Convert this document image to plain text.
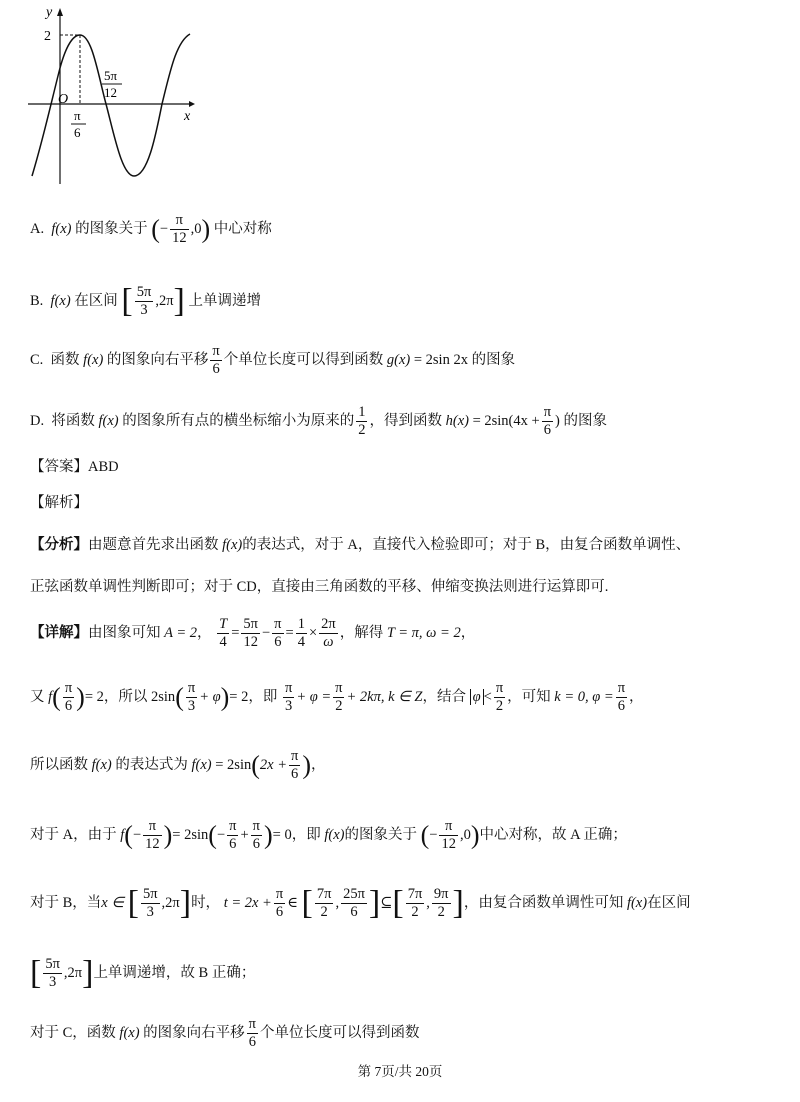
y
x
O
2
π
6
5π
12
A. f(x) 的图象关于 (− $\frac{\pi}{12} ,0$) 中心对称
B. f(x) 在区间 [ $\frac{5\pi}{3} ,2\pi$] 上单调递增
C. 函数 f(x) 的图象向右平移 $\frac{\pi}{6}$ 个单位长度可以得到函数 g(x) = 2sin 2x 的图象
D. 将函数 f(x) 的图象所有点的横坐标缩小为原来的 $\frac{1}{2}$ ，得到函数 $h(x) = 2\sin(4x + \frac{\pi}{6}$ ) 的图象
【答案】ABD
【解析】
【分析】由题意首先求出函数 f(x)的表达式，对于 A，直接代入检验即可；对于 B，由复合函数单调性、
正弦函数单调性判断即可；对于 CD，直接由三角函数的平移、伸缩变换法则进行运算即可.
【详解】由图象可知 A = 2， $\frac{T}{4} = \frac{5\pi}{12} - \frac{\pi}{6} = \frac{1}{4} \times \frac{2\pi}{\omega}$ ，解得 T = π, ω = 2，
又 $f( \frac{\pi}{6}$ )= 2，所以 $2\sin( \frac{\pi}{3} + \varphi)= 2$，即 $\frac{\pi}{3} + \varphi = \frac{\pi}{2} + 2k\pi$, k ∈ Z，结合 $\varphi < \frac{\pi}{2}$ ，可知 k = 0, $\varphi = \frac{\pi}{6}$ ，
所以函数 f(x) 的表达式为 $f(x) = 2\sin(2x + \frac{\pi}{6}$ )，
对于 A，由于 $f(- \frac{\pi}{12}$ )= $2\sin(- \frac{\pi}{6} + \frac{\pi}{6}$ )= 0，即 f(x)的图象关于 (− $\frac{\pi}{12} ,0$)中心对称，故 A 正确；
对于 B，当x ∈ [ $\frac{5\pi}{3} ,2\pi$]时， $t = 2x + \frac{\pi}{6}$ ∈ [ $\frac{7\pi}{2}$ , $\frac{25\pi}{6}$ ]⊆[ $\frac{7\pi}{2}$ , $\frac{9\pi}{2}$ ]，由复合函数单调性可知 f(x)在区间
[ $\frac{5\pi}{3} ,2\pi$]上单调递增，故 B 正确；
对于 C，函数 f(x) 的图象向右平移 $\frac{\pi}{6}$ 个单位长度可以得到函数
第 7页/共 20页
